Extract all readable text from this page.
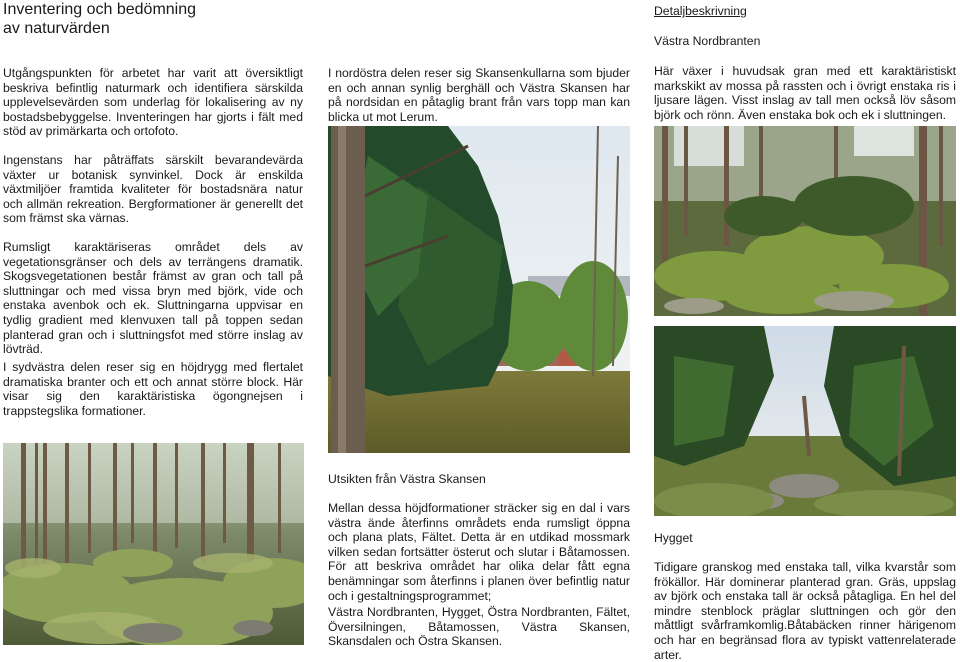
Inventering och bedömning
av naturvärden

Utgångspunkten för arbetet har varit att översiktligt beskriva befintlig naturmark och identifiera särskilda upplevelsevärden som underlag för lokalisering av ny bostadsbebyggelse. Inventeringen har gjorts i fält med stöd av primärkarta och ortofoto.

Ingenstans har påträffats särskilt bevarandevärda växter ur botanisk synvinkel. Dock är enskilda växtmiljöer framtida kvaliteter för bostadsnära natur och allmän rekreation. Bergformationer är generellt det som främst ska värnas.

Rumsligt karaktäriseras området dels av vegetationsgränser och dels av terrängens dramatik. Skogsvegetationen består främst av gran och tall på sluttningar och med vissa bryn med björk, vide och enstaka avenbok och ek. Sluttningarna uppvisar en tydlig gradient med klenvuxen tall på toppen sedan planterad gran och i sluttningsfot med större inslag av lövträd.

I sydvästra delen reser sig en höjdrygg med flertalet dramatiska branter och ett och annat större block. Här visar sig den karaktäristiska ögongnejsen i trappstegslika formationer.

I nordöstra delen reser sig Skansenkullarna som bjuder en och annan synlig berghäll och Västra Skansen har på nordsidan en påtaglig brant från vars topp man kan blicka ut mot Lerum.

Utsikten från Västra Skansen

Mellan dessa höjdformationer sträcker sig en dal i vars västra ände återfinns områdets enda rumsligt öppna och plana plats, Fältet. Detta är en utdikad mossmark vilken sedan fortsätter österut och slutar i Båtamossen. För att beskriva området har olika delar fått egna benämningar som återfinns i planen över befintlig natur och i gestaltningsprogrammet;

Västra Nordbranten, Hygget, Östra Nordbranten, Fältet, Översilningen, Båtamossen, Västra Skansen, Skansdalen och Östra Skansen.

Detaljbeskrivning

Västra Nordbranten

Här växer i huvudsak gran med ett karaktäristiskt markskikt av mossa på rassten och i övrigt enstaka ris i ljusare lägen. Visst inslag av tall men också löv såsom björk och rönn. Även enstaka bok och ek i sluttningen.

Hygget

Tidigare granskog med enstaka tall, vilka kvarstår som frökällor. Här dominerar planterad gran. Gräs, uppslag av björk och enstaka tall är också påtagliga. En hel del mindre stenblock präglar sluttningen och gör den måttligt svårframkomlig.Båtabäcken rinner härigenom och har en begränsad flora av typiskt vattenrelaterade arter.
